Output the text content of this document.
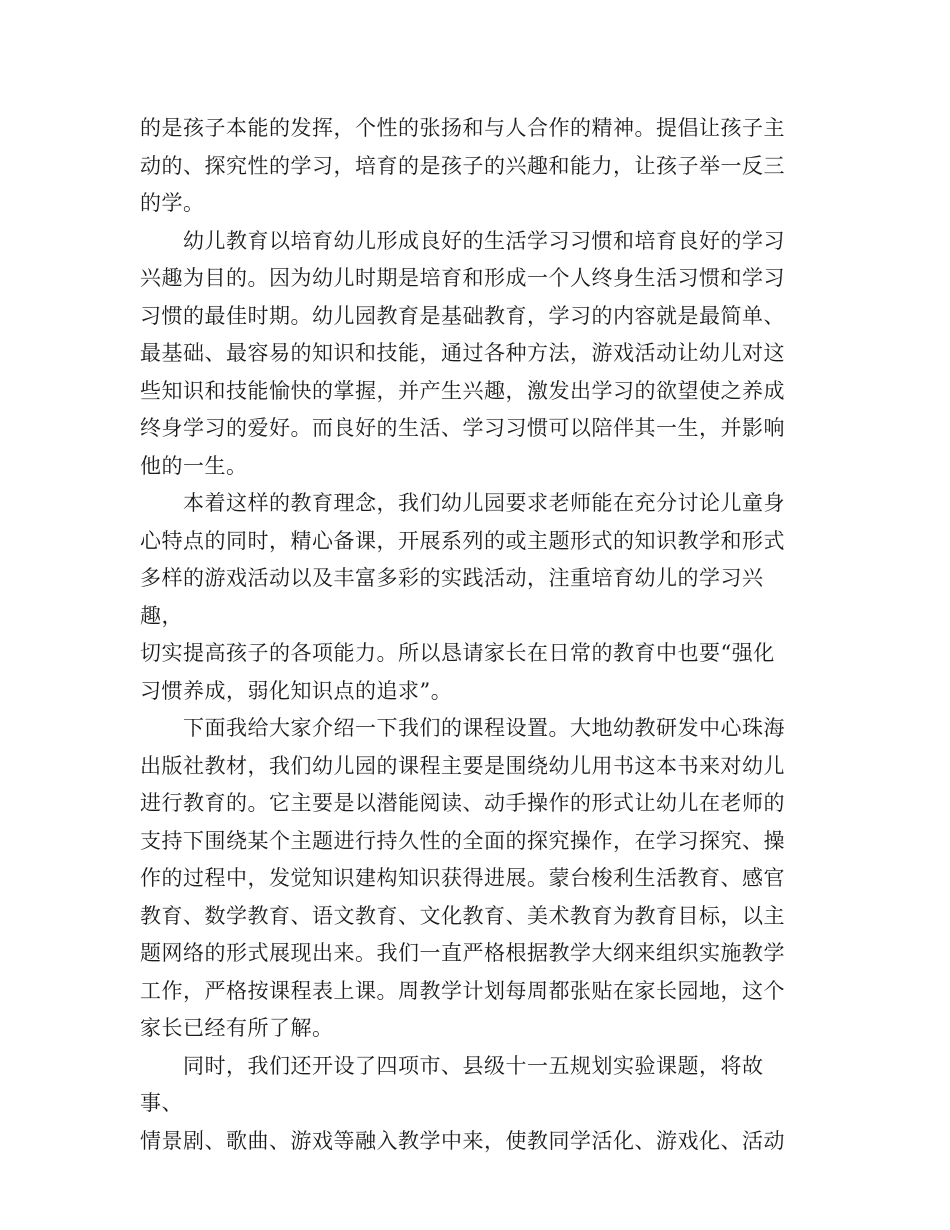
的是孩子本能的发挥，个性的张扬和与人合作的精神。提倡让孩子主
动的、探究性的学习，培育的是孩子的兴趣和能力，让孩子举一反三
的学。

　　幼儿教育以培育幼儿形成良好的生活学习习惯和培育良好的学习
兴趣为目的。因为幼儿时期是培育和形成一个人终身生活习惯和学习
习惯的最佳时期。幼儿园教育是基础教育，学习的内容就是最简单、
最基础、最容易的知识和技能，通过各种方法，游戏活动让幼儿对这
些知识和技能愉快的掌握，并产生兴趣，激发出学习的欲望使之养成
终身学习的爱好。而良好的生活、学习习惯可以陪伴其一生，并影响
他的一生。

　　本着这样的教育理念，我们幼儿园要求老师能在充分讨论儿童身
心特点的同时，精心备课，开展系列的或主题形式的知识教学和形式
多样的游戏活动以及丰富多彩的实践活动，注重培育幼儿的学习兴趣，
切实提高孩子的各项能力。所以恳请家长在日常的教育中也要“强化
习惯养成，弱化知识点的追求”。

　　下面我给大家介绍一下我们的课程设置。大地幼教研发中心珠海
出版社教材，我们幼儿园的课程主要是围绕幼儿用书这本书来对幼儿
进行教育的。它主要是以潜能阅读、动手操作的形式让幼儿在老师的
支持下围绕某个主题进行持久性的全面的探究操作，在学习探究、操
作的过程中，发觉知识建构知识获得进展。蒙台梭利生活教育、感官
教育、数学教育、语文教育、文化教育、美术教育为教育目标，以主
题网络的形式展现出来。我们一直严格根据教学大纲来组织实施教学
工作，严格按课程表上课。周教学计划每周都张贴在家长园地，这个
家长已经有所了解。

　　同时，我们还开设了四项市、县级十一五规划实验课题，将故事、
情景剧、歌曲、游戏等融入教学中来，使教同学活化、游戏化、活动
